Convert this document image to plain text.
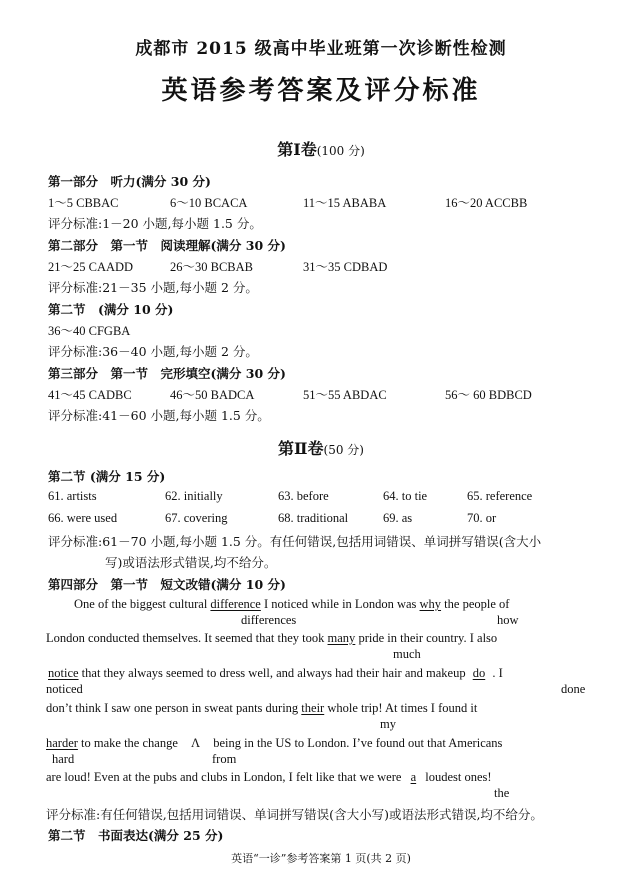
成都市 2015 级高中毕业班第一次诊断性检测
英语参考答案及评分标准
第Ⅰ卷(100 分)
第一部分　听力(满分 30 分)
1～5 CBBAC	6～10 BCACA	11～15 ABABA	16～20 ACCBB
评分标准:1－20 小题,每小题 1.5 分。
第二部分　第一节　阅读理解(满分 30 分)
21～25 CAADD	26～30 BCBAB	31～35 CDBAD
评分标准:21－35 小题,每小题 2 分。
第二节　(满分 10 分)
36～40 CFGBA
评分标准:36－40 小题,每小题 2 分。
第三部分　第一节　完形填空(满分 30 分)
41～45 CADBC	46～50 BADCA	51～55 ABDAC	56～ 60 BDBCD
评分标准:41－60 小题,每小题 1.5 分。
第Ⅱ卷(50 分)
第二节 (满分 15 分)
61. artists	62. initially	63. before	64. to tie	65. reference
66. were used	67. covering	68. traditional	69. as	70. or
评分标准:61－70 小题,每小题 1.5 分。有任何错误,包括用词错误、单词拼写错误(含大小
写)或语法形式错误,均不给分。
第四部分　第一节　短文改错(满分 10 分)
One of the biggest cultural difference I noticed while in London was why the people of
differences	how
London conducted themselves. It seemed that they took many pride in their country. I also
much
notice that they always seemed to dress well, and always had their hair and makeup do . I
noticed	done
don’t think I saw one person in sweat pants during their whole trip! At times I found it
my
harder to make the change Λ being in the US to London. I’ve found out that Americans
hard	from
are loud! Even at the pubs and clubs in London, I felt like that we were a loudest ones!
the
评分标准:有任何错误,包括用词错误、单词拼写错误(含大小写)或语法形式错误,均不给分。
第二节　书面表达(满分 25 分)
英语“一诊”参考答案第 1 页(共 2 页)
